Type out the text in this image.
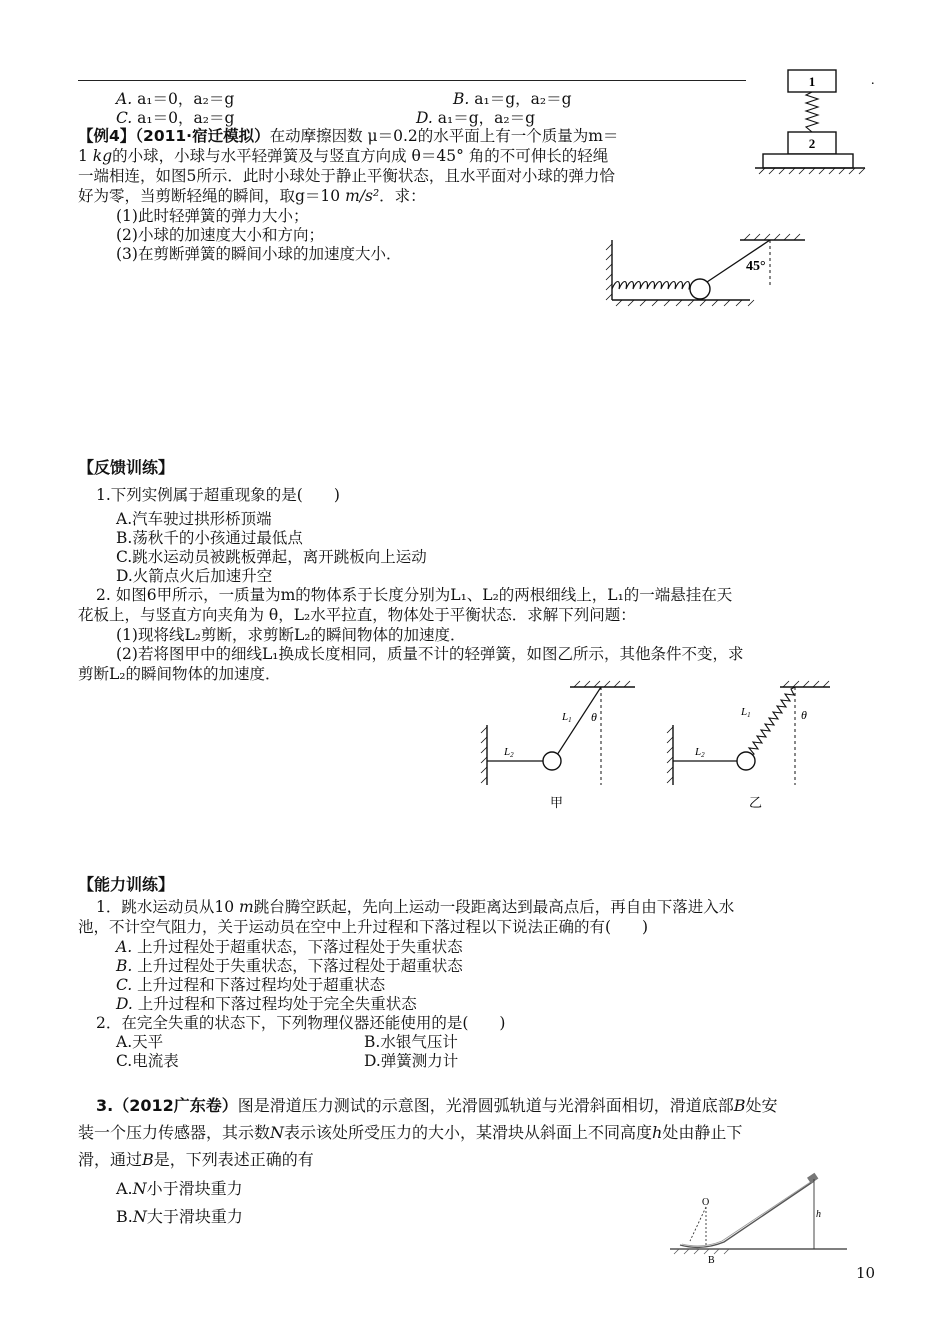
A. a₁＝0，a₂＝g	B. a₁＝g，a₂＝g
C. a₁＝0，a₂＝g	D. a₁＝g，a₂＝g
【例4】（2011·宿迁模拟）在动摩擦因数 μ＝0.2的水平面上有一个质量为m＝
1 kg的小球，小球与水平轻弹簧及与竖直方向成 θ＝45° 角的不可伸长的轻绳
一端相连，如图5所示．此时小球处于静止平衡状态，且水平面对小球的弹力恰
好为零，当剪断轻绳的瞬间，取g＝10 m/s²．求：
(1)此时轻弹簧的弹力大小；
(2)小球的加速度大小和方向；
(3)在剪断弹簧的瞬间小球的加速度大小．
1
2
.
45°
【反馈训练】
1.下列实例属于超重现象的是(　　)
A.汽车驶过拱形桥顶端
B.荡秋千的小孩通过最低点
C.跳水运动员被跳板弹起，离开跳板向上运动
D.火箭点火后加速升空
2. 如图6甲所示，一质量为m的物体系于长度分别为L₁、L₂的两根细线上，L₁的一端悬挂在天
花板上，与竖直方向夹角为 θ，L₂水平拉直，物体处于平衡状态．求解下列问题：
(1)现将线L₂剪断，求剪断L₂的瞬间物体的加速度．
(2)若将图甲中的细线L₁换成长度相同，质量不计的轻弹簧，如图乙所示，其他条件不变，求
剪断L₂的瞬间物体的加速度．
L1
L2
θ
甲
L1
L2
θ
乙
【能力训练】
1．跳水运动员从10 m跳台腾空跃起，先向上运动一段距离达到最高点后，再自由下落进入水
池，不计空气阻力，关于运动员在空中上升过程和下落过程以下说法正确的有(　　)
A. 上升过程处于超重状态，下落过程处于失重状态
B. 上升过程处于失重状态，下落过程处于超重状态
C. 上升过程和下落过程均处于超重状态
D. 上升过程和下落过程均处于完全失重状态
2．在完全失重的状态下，下列物理仪器还能使用的是(　　)
A.天平	B.水银气压计
C.电流表	D.弹簧测力计
3.（2012广东卷）图是滑道压力测试的示意图，光滑圆弧轨道与光滑斜面相切，滑道底部B处安
装一个压力传感器，其示数N表示该处所受压力的大小，某滑块从斜面上不同高度h处由静止下
滑，通过B是，下列表述正确的有
A.N小于滑块重力
B.N大于滑块重力
O
h
B
10
